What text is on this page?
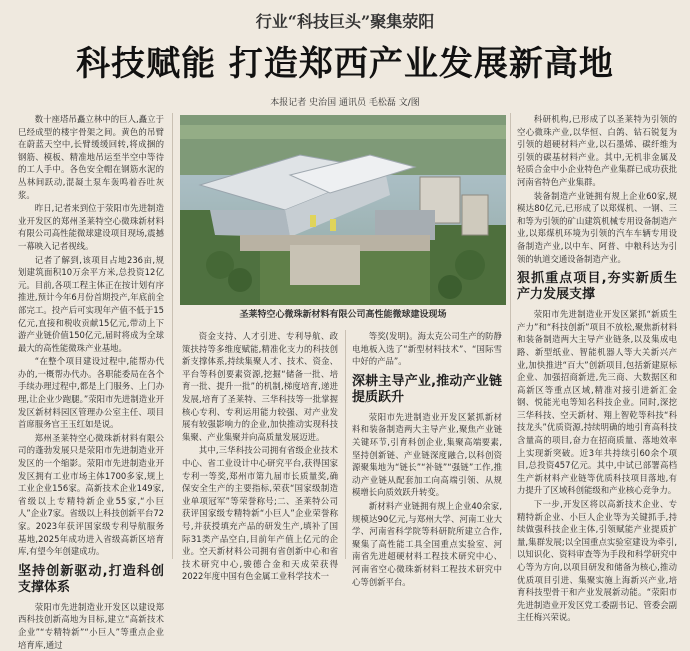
行业“科技巨头”聚集荥阳
科技赋能 打造郑西产业发展新高地
本报记者 史治国 通讯员 毛松磊 文/图

数十座塔吊矗立林中的巨人,矗立于巳经成型的楼宇骨架之间。黄色的吊臂在蔚蓝天空中,长臂缓缓回转,将成捆的钢筋、模板、精准地吊运至半空中等待的工人手中。各色安全帽在钢筋水泥的丛林间跃动,混凝土泵车轰鸣着吞吐灰浆。

昨日,记者来到位于荥阳市先进制造业开发区的郑州圣莱特空心微珠新材料有限公司高性能微球建设项目现场,震撼一幕映入记者视线。

记者了解到,该项目占地236亩,规划建筑面积10万余平方米,总投资12亿元。目前,各项工程主体正在按计划有序推进,预计今年6月份首期投产,年底前全部完工。投产后可实现年产值不低于15亿元,直接和税收贡献15亿元,带动上下游产业链价值150亿元,届时将成为全球最大的高性能微珠产业基地。

“在整个项目建设过程中,能帮办代办的,一概帮办代办。各职能委局在各个手续办理过程中,都是上门服务、上门办理,让企业少跑腿。”荥阳市先进制造业开发区新材料园区管理办公室主任、项目首席服务官王玉红如是说。

郑州圣莱特空心微珠新材料有限公司的蓬勃发展只是荥阳市先进制造业开发区的一个缩影。荥阳市先进制造业开发区拥有工业市场主体1700多家,规上工业企业156家。高新技术企业149家,省级以上专精特新企业55家,“小巨人”企业7家。省级以上科技创新平台72家。2023年获评国家级专利导航服务基地,2025年成功进入省级高新区培育库,有望今年创建成功。

坚持创新驱动,打造科创支撑体系

荥阳市先进制造业开发区以建设郑西科技创新高地为目标,建立“高新技术企业”“专精特新”“小巨人”等重点企业培育库,通过

圣莱特空心微珠新材料有限公司高性能微球建设现场

资金支持、人才引进、专利导航、政策扶持等多维度赋能,精准化支力的科技创新支撑体系,持续集聚人才、技术、资金、平台等科创要素资源,挖掘“储备一批、培育一批、提升一批”的机制,梯度培育,递进发展,培育了圣莱特、三华科技等一批掌握核心专利、专利运用能力较强、对产业发展有较强影响力的企业,加快推动实现科技集聚、产业集聚并向高质量发展迈进。

其中,三华科技公司拥有省级企业技术中心、省工业设计中心研究平台,获得国家专利一等奖,郑州市第九届市长质量奖,确保安全生产的主要指标,荣获“国家级制造业单项冠军”等荣誉称号;二、圣莱特公司获评国家级专精特新“小巨人”企业荣誉称号,并获授填充产品的研发生产,填补了国际31类产品空白,目前年产值上亿元的企业。空天新材料公司拥有省创新中心和省技术研究中心,骏德合金和天成荣获得2022年度中国有色金属工业科学技术一

等奖(发明)。海太克公司生产的防静电地板入选了“新型材料技术”、“国际雪中好的产品”。

深耕主导产业,推动产业链提质跃升

荥阳市先进制造业开发区紧抓新材料和装备制造两大主导产业,聚焦产业链关键环节,引育科创企业,集聚高端要素,坚持创新链、产业链深度融合,以科创资源聚集地为“链长”“补链”“强链”工作,推动产业链从配套加工向高端引领、从规模增长向质效跃升转变。

新材料产业链拥有规上企业40余家,规模达90亿元,与郑州大学、河南工业大学、河南省科学院等科研院所建立合作,聚集了高性能工具全国重点实验室、河南省先进超硬材料工程技术研究中心、河南省空心微珠新材料工程技术研究中心等创新平台。

科研机构,已形成了以圣莱特为引领的空心微珠产业,以华恒、白鸽、钻石锐复为引领的超硬材料产业,以石墨烯、碳纤维为引领的碳基材料产业。其中,无机非金属及轻质合金中小企业特色产业集群已成功获批河南省特色产业集群。

装备制造产业链拥有规上企业60家,规模达80亿元,已形成了以郑煤机、一钢、三和等为引领的矿山建筑机械专用设备制造产业,以郑煤机环境为引领的汽车车辆专用设备制造产业,以中车、阿普、中粮科达为引领的轨道交通设备制造产业。

狠抓重点项目,夯实新质生产力发展支撑

荥阳市先进制造业开发区紧抓“新质生产力”和“科技创新”项目不放松,聚焦新材料和装备制造两大主导产业链条,以及集成电路、新型纸业、智能机器人等大关新兴产业,加快推进“百大”创新项目,包括新建原标企业、加强招商新进,先三商、大数据区和高新区等重点区域,精准对接引进新汇金钢、悦能光电等知名科技企业。同时,深挖三华科技、空天新材、翔上智乾等科技“科技龙头”优质资源,持续明确的地引育高科技含量高的项目,奋力在招商质量、落地效率上实现新突破。近3年共持续引60余个项目,总投资457亿元。其中,中试已部署高档生产新材料产业链等优质科技项目落地,有力提升了区域科创能级和产业核心竞争力。

下一步,开发区将以高新技术企业、专精特新企业、小巨人企业等为关键抓手,持续做强科技企业主体,引领赋能产业提质扩量,集群发展;以全国重点实验室建设为牵引,以知识化、资料审查等为手段和科学研究中心等为方向,以项目研发和储备为核心,推动优质项目引进、集聚实施上海新兴产业,培育科技型骨干和产业发展新动能。“荥阳市先进制造业开发区党工委副书记、管委会副主任梅兴荣说。
